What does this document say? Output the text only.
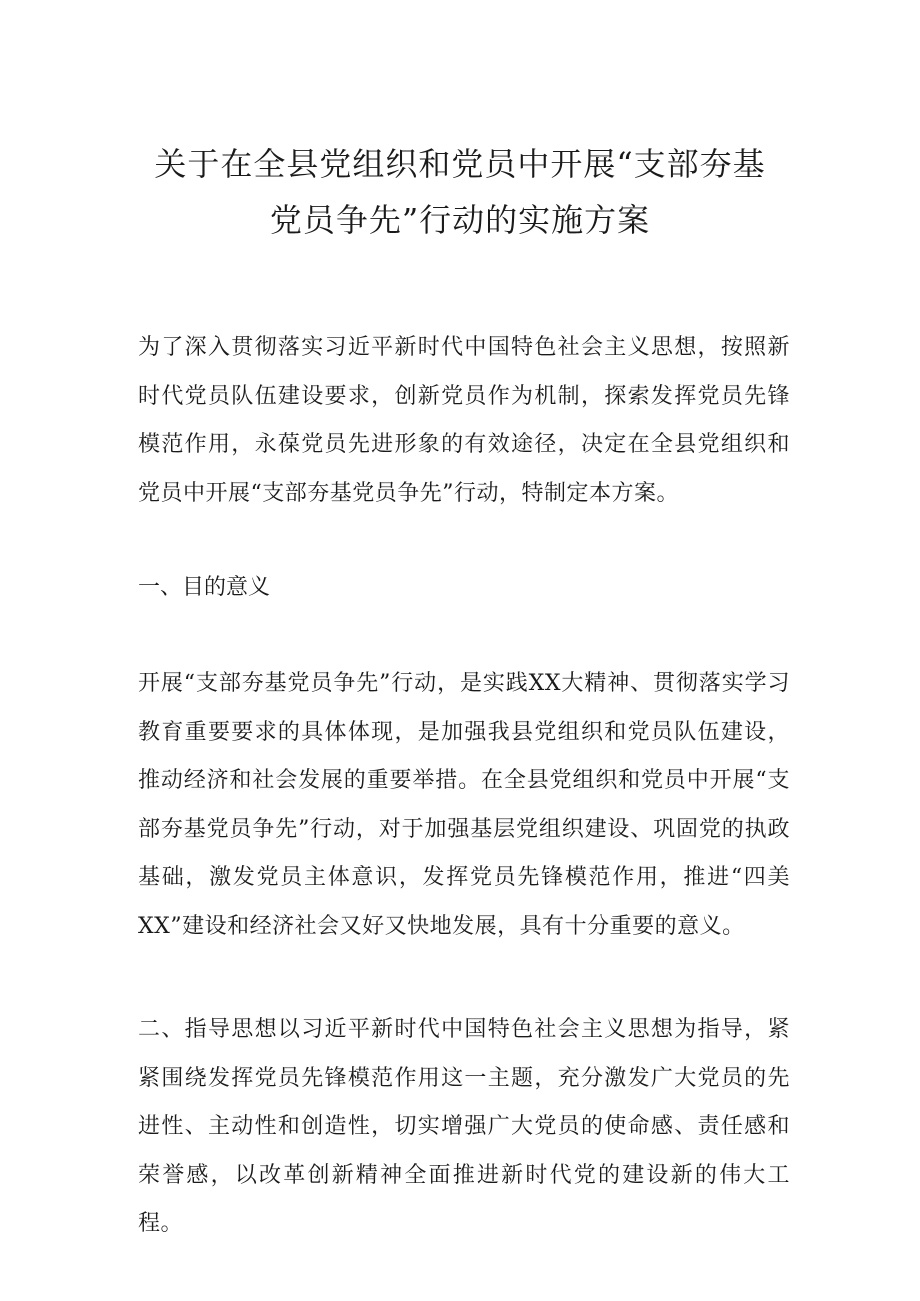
关于在全县党组织和党员中开展“支部夯基
党员争先”行动的实施方案

为了深入贯彻落实习近平新时代中国特色社会主义思想，按照新时代党员队伍建设要求，创新党员作为机制，探索发挥党员先锋模范作用，永葆党员先进形象的有效途径，决定在全县党组织和党员中开展“支部夯基党员争先”行动，特制定本方案。

一、目的意义

开展“支部夯基党员争先”行动，是实践XX大精神、贯彻落实学习教育重要要求的具体体现，是加强我县党组织和党员队伍建设，推动经济和社会发展的重要举措。在全县党组织和党员中开展“支部夯基党员争先”行动，对于加强基层党组织建设、巩固党的执政基础，激发党员主体意识，发挥党员先锋模范作用，推进“四美XX”建设和经济社会又好又快地发展，具有十分重要的意义。

二、指导思想以习近平新时代中国特色社会主义思想为指导，紧紧围绕发挥党员先锋模范作用这一主题，充分激发广大党员的先进性、主动性和创造性，切实增强广大党员的使命感、责任感和荣誉感，以改革创新精神全面推进新时代党的建设新的伟大工程。
